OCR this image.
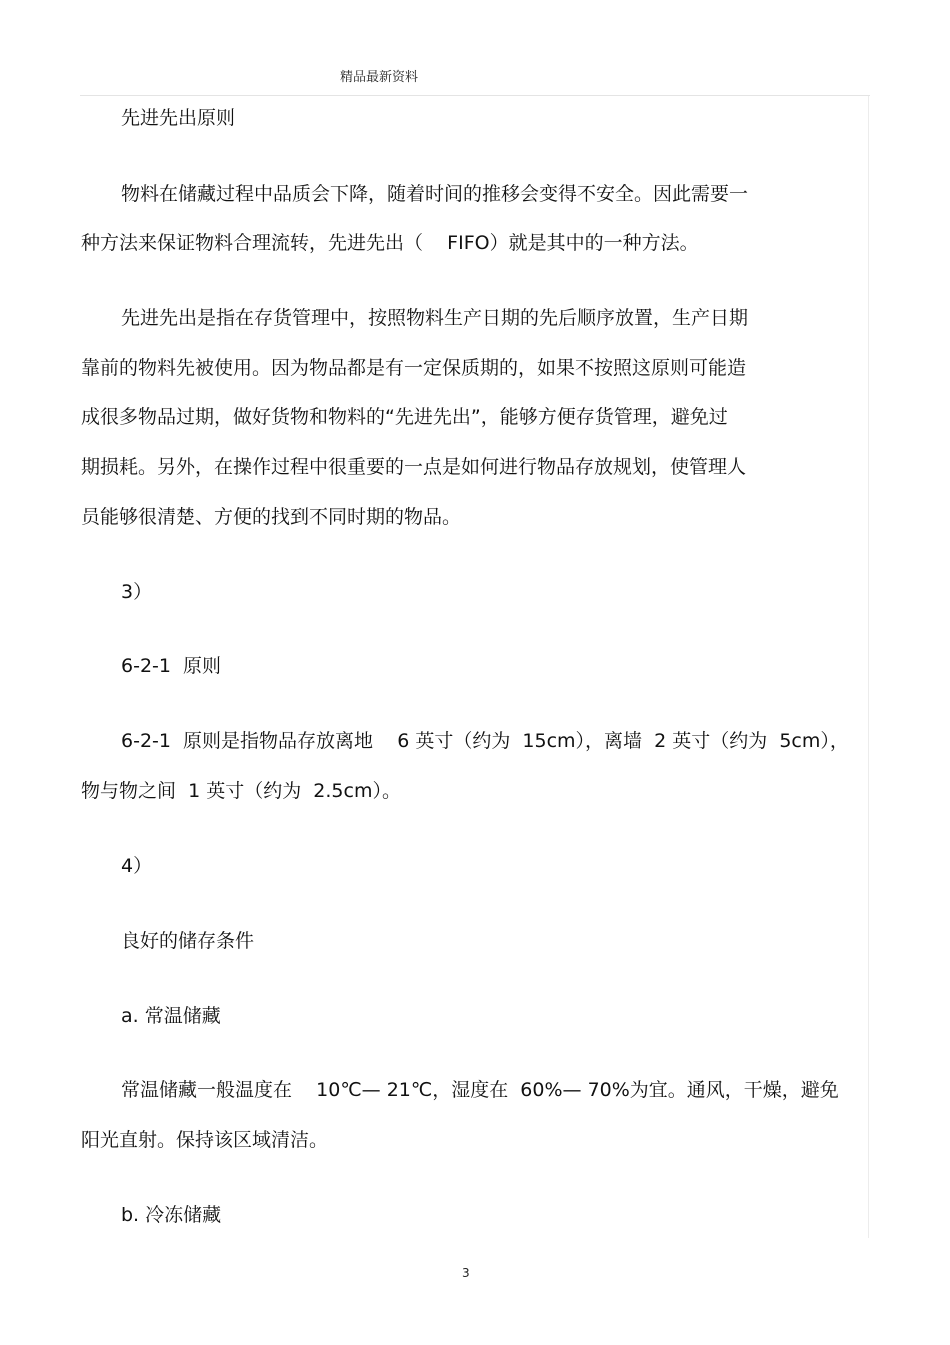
精品最新资料
先进先出原则
物料在储藏过程中品质会下降，随着时间的推移会变得不安全。因此需要一
种方法来保证物料合理流转，先进先出（    FIFO）就是其中的一种方法。
先进先出是指在存货管理中，按照物料生产日期的先后顺序放置，生产日期
靠前的物料先被使用。因为物品都是有一定保质期的，如果不按照这原则可能造
成很多物品过期，做好货物和物料的“先进先出”，能够方便存货管理，避免过
期损耗。另外，在操作过程中很重要的一点是如何进行物品存放规划，使管理人
员能够很清楚、方便的找到不同时期的物品。
3）
6-2-1  原则
6-2-1  原则是指物品存放离地    6 英寸（约为  15cm），离墙  2 英寸（约为  5cm），
物与物之间  1 英寸（约为  2.5cm）。
4）
良好的储存条件
a. 常温储藏
常温储藏一般温度在    10℃— 21℃，湿度在  60%— 70%为宜。通风，干燥，避免
阳光直射。保持该区域清洁。
b. 冷冻储藏
3
